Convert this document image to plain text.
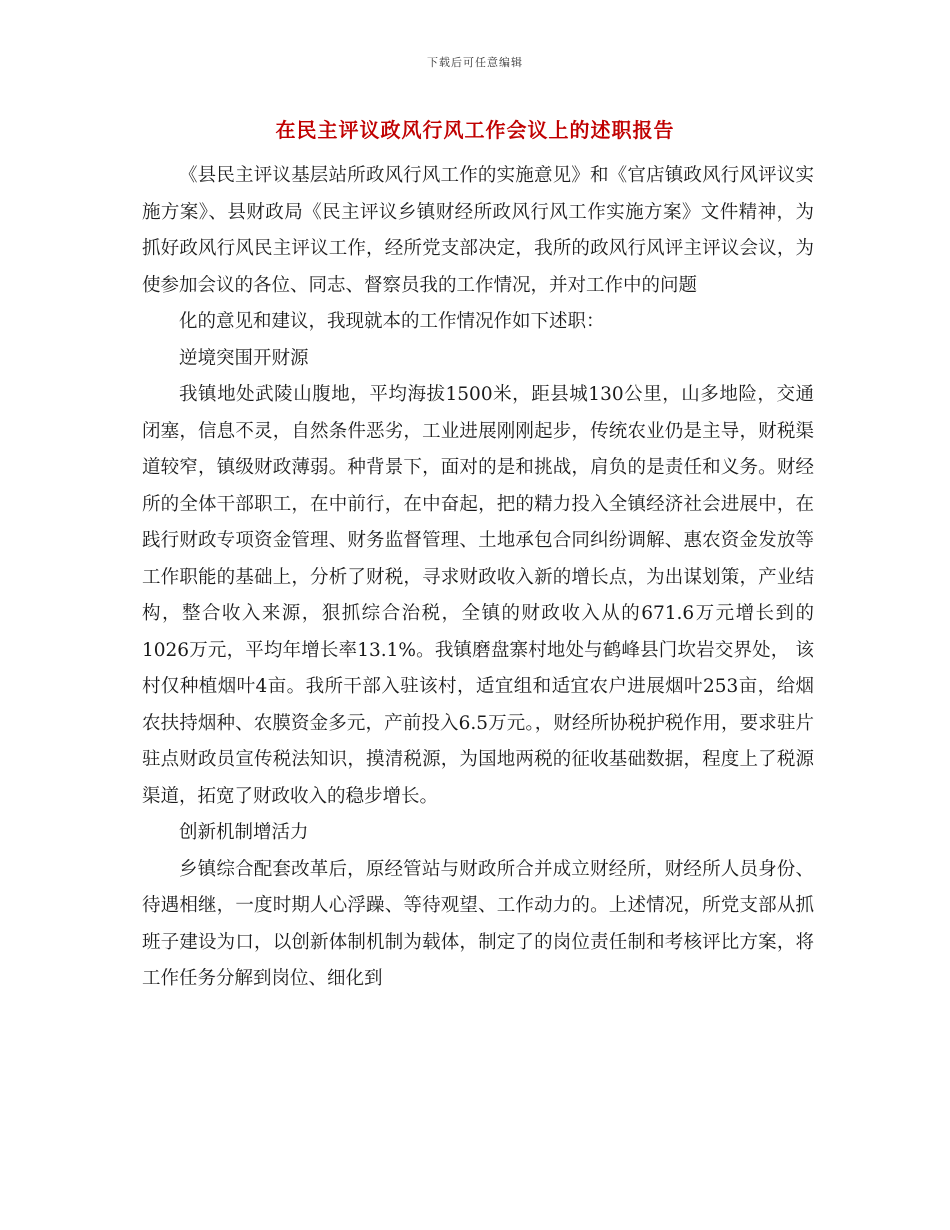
下载后可任意编辑
在民主评议政风行风工作会议上的述职报告

《县民主评议基层站所政风行风工作的实施意见》和《官店镇政风行风评议实施方案》、县财政局《民主评议乡镇财经所政风行风工作实施方案》文件精神，为抓好政风行风民主评议工作，经所党支部决定，我所的政风行风评主评议会议，为使参加会议的各位、同志、督察员我的工作情况，并对工作中的问题

化的意见和建议，我现就本的工作情况作如下述职：

逆境突围开财源

我镇地处武陵山腹地，平均海拔1500米，距县城130公里，山多地险，交通闭塞，信息不灵，自然条件恶劣，工业进展刚刚起步，传统农业仍是主导，财税渠道较窄，镇级财政薄弱。种背景下，面对的是和挑战，肩负的是责任和义务。财经所的全体干部职工，在中前行，在中奋起，把的精力投入全镇经济社会进展中，在践行财政专项资金管理、财务监督管理、土地承包合同纠纷调解、惠农资金发放等工作职能的基础上，分析了财税，寻求财政收入新的增长点，为出谋划策，产业结构，整合收入来源，狠抓综合治税，全镇的财政收入从的671.6万元增长到的1026万元，平均年增长率13.1%。我镇磨盘寨村地处与鹤峰县门坎岩交界处， 该村仅种植烟叶4亩。我所干部入驻该村，适宜组和适宜农户进展烟叶253亩，给烟农扶持烟种、农膜资金多元，产前投入6.5万元。，财经所协税护税作用，要求驻片驻点财政员宣传税法知识，摸清税源，为国地两税的征收基础数据，程度上了税源渠道，拓宽了财政收入的稳步增长。

创新机制增活力

乡镇综合配套改革后，原经管站与财政所合并成立财经所，财经所人员身份、待遇相继，一度时期人心浮躁、等待观望、工作动力的。上述情况，所党支部从抓班子建设为口，以创新体制机制为载体，制定了的岗位责任制和考核评比方案，将工作任务分解到岗位、细化到
